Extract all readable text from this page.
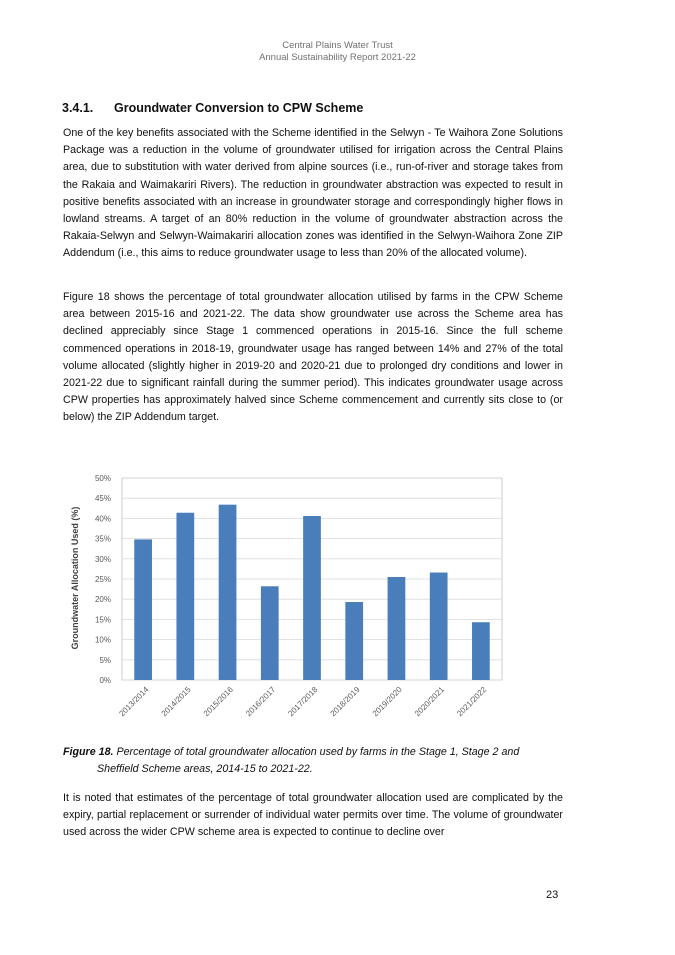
Central Plains Water Trust
Annual Sustainability Report 2021-22
3.4.1. Groundwater Conversion to CPW Scheme

One of the key benefits associated with the Scheme identified in the Selwyn - Te Waihora Zone Solutions Package was a reduction in the volume of groundwater utilised for irrigation across the Central Plains area, due to substitution with water derived from alpine sources (i.e., run-of-river and storage takes from the Rakaia and Waimakariri Rivers). The reduction in groundwater abstraction was expected to result in positive benefits associated with an increase in groundwater storage and correspondingly higher flows in lowland streams. A target of an 80% reduction in the volume of groundwater abstraction across the Rakaia-Selwyn and Selwyn-Waimakariri allocation zones was identified in the Selwyn-Waihora Zone ZIP Addendum (i.e., this aims to reduce groundwater usage to less than 20% of the allocated volume).

Figure 18 shows the percentage of total groundwater allocation utilised by farms in the CPW Scheme area between 2015-16 and 2021-22. The data show groundwater use across the Scheme area has declined appreciably since Stage 1 commenced operations in 2015-16. Since the full scheme commenced operations in 2018-19, groundwater usage has ranged between 14% and 27% of the total volume allocated (slightly higher in 2019-20 and 2020-21 due to prolonged dry conditions and lower in 2021-22 due to significant rainfall during the summer period). This indicates groundwater usage across CPW properties has approximately halved since Scheme commencement and currently sits close to (or below) the ZIP Addendum target.

0%
5%
10%
15%
20%
25%
30%
35%
40%
45%
50%
2013/2014 2014/2015 2015/2016 2016/2017 2017/2018 2018/2019 2019/2020 2020/2021 2021/2022
Groundwater Allocation Used (%)
Figure 18. Percentage of total groundwater allocation used by farms in the Stage 1, Stage 2 and
Sheffield Scheme areas, 2014-15 to 2021-22.

It is noted that estimates of the percentage of total groundwater allocation used are complicated by the expiry, partial replacement or surrender of individual water permits over time. The volume of groundwater used across the wider CPW scheme area is expected to continue to decline over

23
